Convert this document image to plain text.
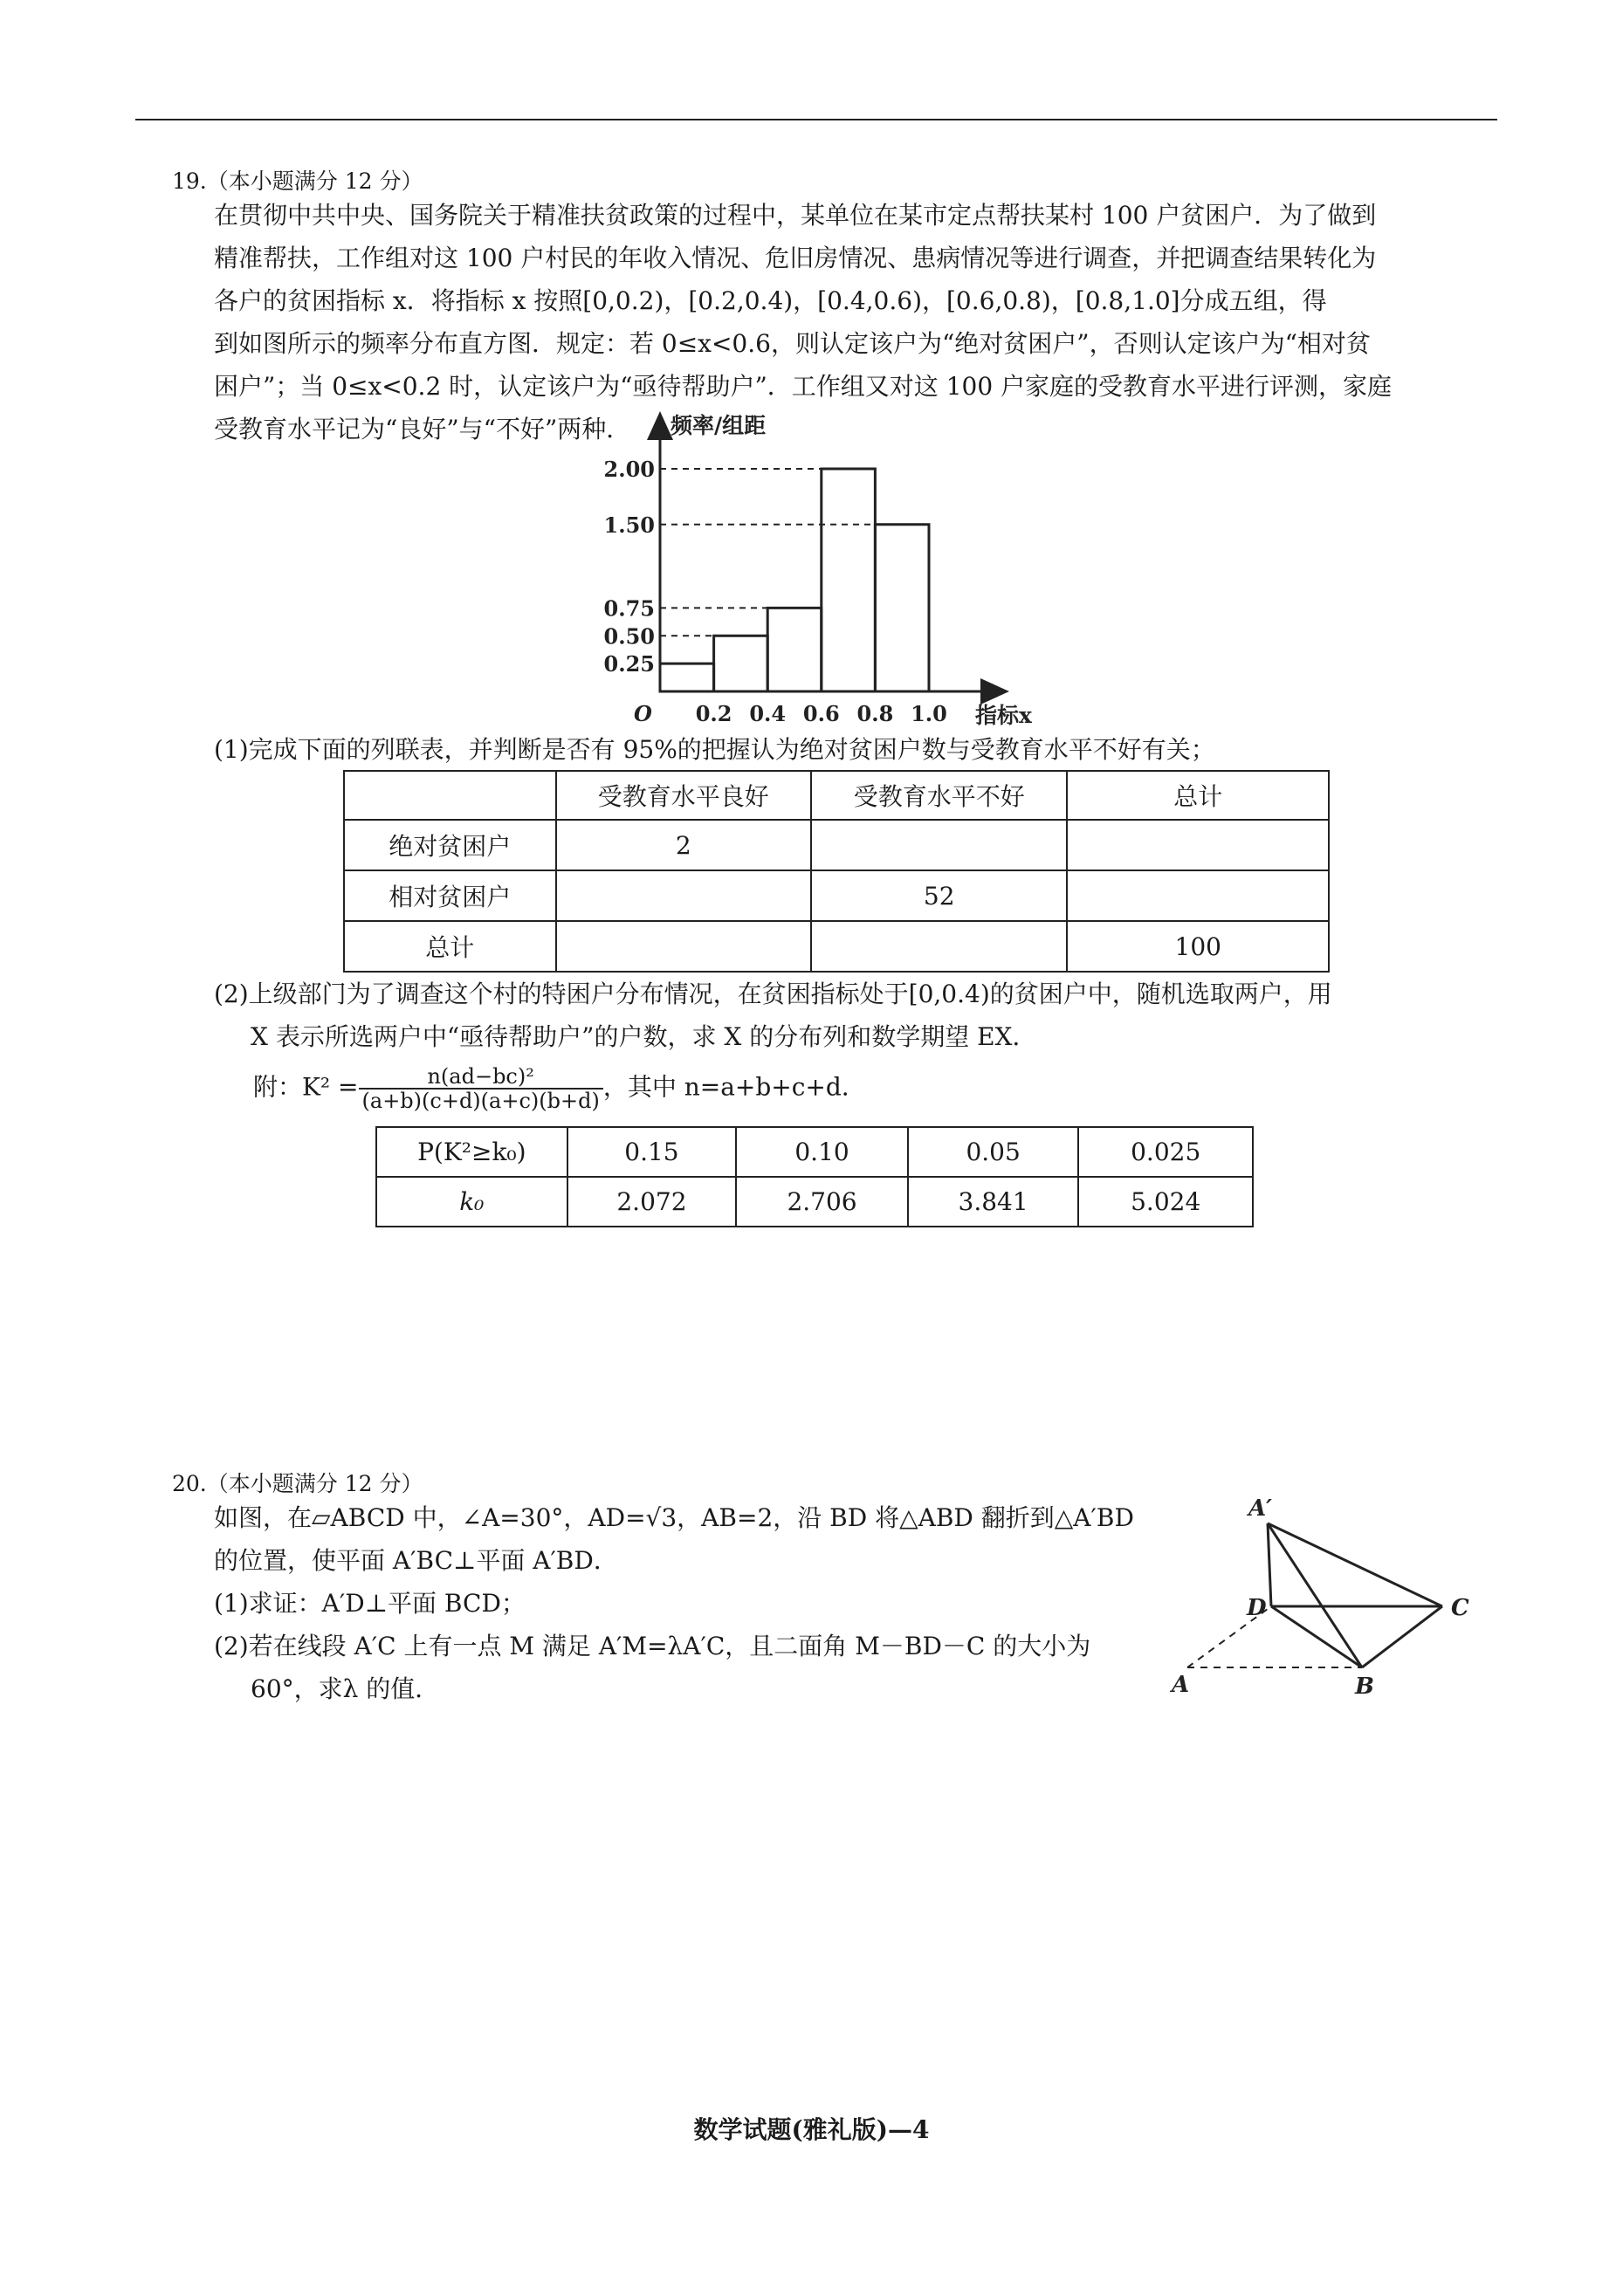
19.（本小题满分 12 分）

在贯彻中共中央、国务院关于精准扶贫政策的过程中，某单位在某市定点帮扶某村 100 户贫困户．为了做到

精准帮扶，工作组对这 100 户村民的年收入情况、危旧房情况、患病情况等进行调查，并把调查结果转化为

各户的贫困指标 x．将指标 x 按照[0,0.2)，[0.2,0.4)，[0.4,0.6)，[0.6,0.8)，[0.8,1.0]分成五组，得

到如图所示的频率分布直方图．规定：若 0≤x<0.6，则认定该户为“绝对贫困户”，否则认定该户为“相对贫

困户”；当 0≤x<0.2 时，认定该户为“亟待帮助户”．工作组又对这 100 户家庭的受教育水平进行评测，家庭

受教育水平记为“良好”与“不好”两种．

0.25
0.50
0.75
1.50
2.00
0.2 0.4 0.6 0.8 1.0
O
频率/组距
指标x

(1)完成下面的列联表，并判断是否有 95%的把握认为绝对贫困户数与受教育水平不好有关；

	受教育水平良好	受教育水平不好	总计
绝对贫困户	2		
相对贫困户		52	
总计			100

(2)上级部门为了调查这个村的特困户分布情况，在贫困指标处于[0,0.4)的贫困户中，随机选取两户，用

X 表示所选两户中“亟待帮助户”的户数，求 X 的分布列和数学期望 EX．

附：$K^2 = \frac{\text{n(ad−bc)²}}{(a+b)(c+d)(a+c)(b+d)}$ ，其中 n=a+b+c+d．
P(K²≥k₀)	0.15	0.10	0.05	0.025
k₀	2.072	2.706	3.841	5.024
20.（本小题满分 12 分）

如图，在▱ABCD 中，∠A=30°，AD=√3，AB=2，沿 BD 将△ABD 翻折到△A′BD

的位置，使平面 A′BC⊥平面 A′BD．

(1)求证：A′D⊥平面 BCD；

(2)若在线段 A′C 上有一点 M 满足 A′M=λA′C，且二面角 M－BD－C 的大小为

60°，求λ 的值．

A′
D	C
A	B
数学试题(雅礼版)—4
